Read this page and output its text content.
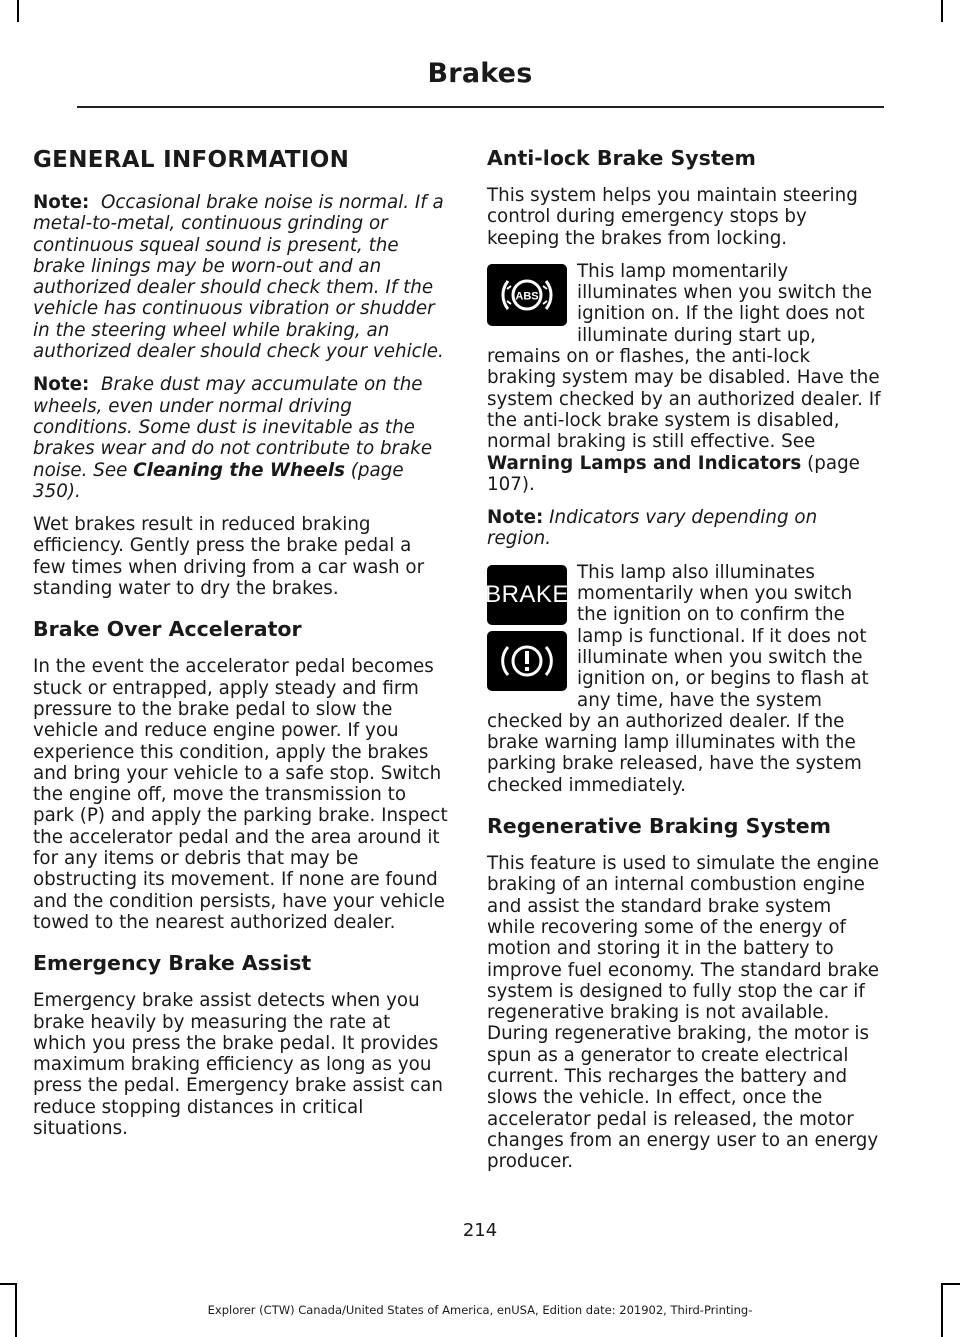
Brakes
GENERAL INFORMATION

Note: Occasional brake noise is normal. If a metal-to-metal, continuous grinding or continuous squeal sound is present, the brake linings may be worn-out and an authorized dealer should check them. If the vehicle has continuous vibration or shudder in the steering wheel while braking, an authorized dealer should check your vehicle.

Note: Brake dust may accumulate on the wheels, even under normal driving conditions. Some dust is inevitable as the brakes wear and do not contribute to brake noise. See Cleaning the Wheels (page 350).

Wet brakes result in reduced braking efficiency. Gently press the brake pedal a few times when driving from a car wash or standing water to dry the brakes.

Brake Over Accelerator

In the event the accelerator pedal becomes stuck or entrapped, apply steady and firm pressure to the brake pedal to slow the vehicle and reduce engine power. If you experience this condition, apply the brakes and bring your vehicle to a safe stop. Switch the engine off, move the transmission to park (P) and apply the parking brake. Inspect the accelerator pedal and the area around it for any items or debris that may be obstructing its movement. If none are found and the condition persists, have your vehicle towed to the nearest authorized dealer.

Emergency Brake Assist

Emergency brake assist detects when you brake heavily by measuring the rate at which you press the brake pedal. It provides maximum braking efficiency as long as you press the pedal. Emergency brake assist can reduce stopping distances in critical situations.

Anti-lock Brake System

This system helps you maintain steering control during emergency stops by keeping the brakes from locking.

ABS
This lamp momentarily illuminates when you switch the ignition on. If the light does not illuminate during start up, remains on or flashes, the anti-lock braking system may be disabled. Have the system checked by an authorized dealer. If the anti-lock brake system is disabled, normal braking is still effective. See Warning Lamps and Indicators (page 107).

Note: Indicators vary depending on region.

BRAKE
This lamp also illuminates momentarily when you switch the ignition on to confirm the lamp is functional. If it does not illuminate when you switch the ignition on, or begins to flash at any time, have the system checked by an authorized dealer. If the brake warning lamp illuminates with the parking brake released, have the system checked immediately.
Regenerative Braking System

This feature is used to simulate the engine braking of an internal combustion engine and assist the standard brake system while recovering some of the energy of motion and storing it in the battery to improve fuel economy. The standard brake system is designed to fully stop the car if regenerative braking is not available. During regenerative braking, the motor is spun as a generator to create electrical current. This recharges the battery and slows the vehicle. In effect, once the accelerator pedal is released, the motor changes from an energy user to an energy producer.

214
Explorer (CTW) Canada/United States of America, enUSA, Edition date: 201902, Third-Printing-
